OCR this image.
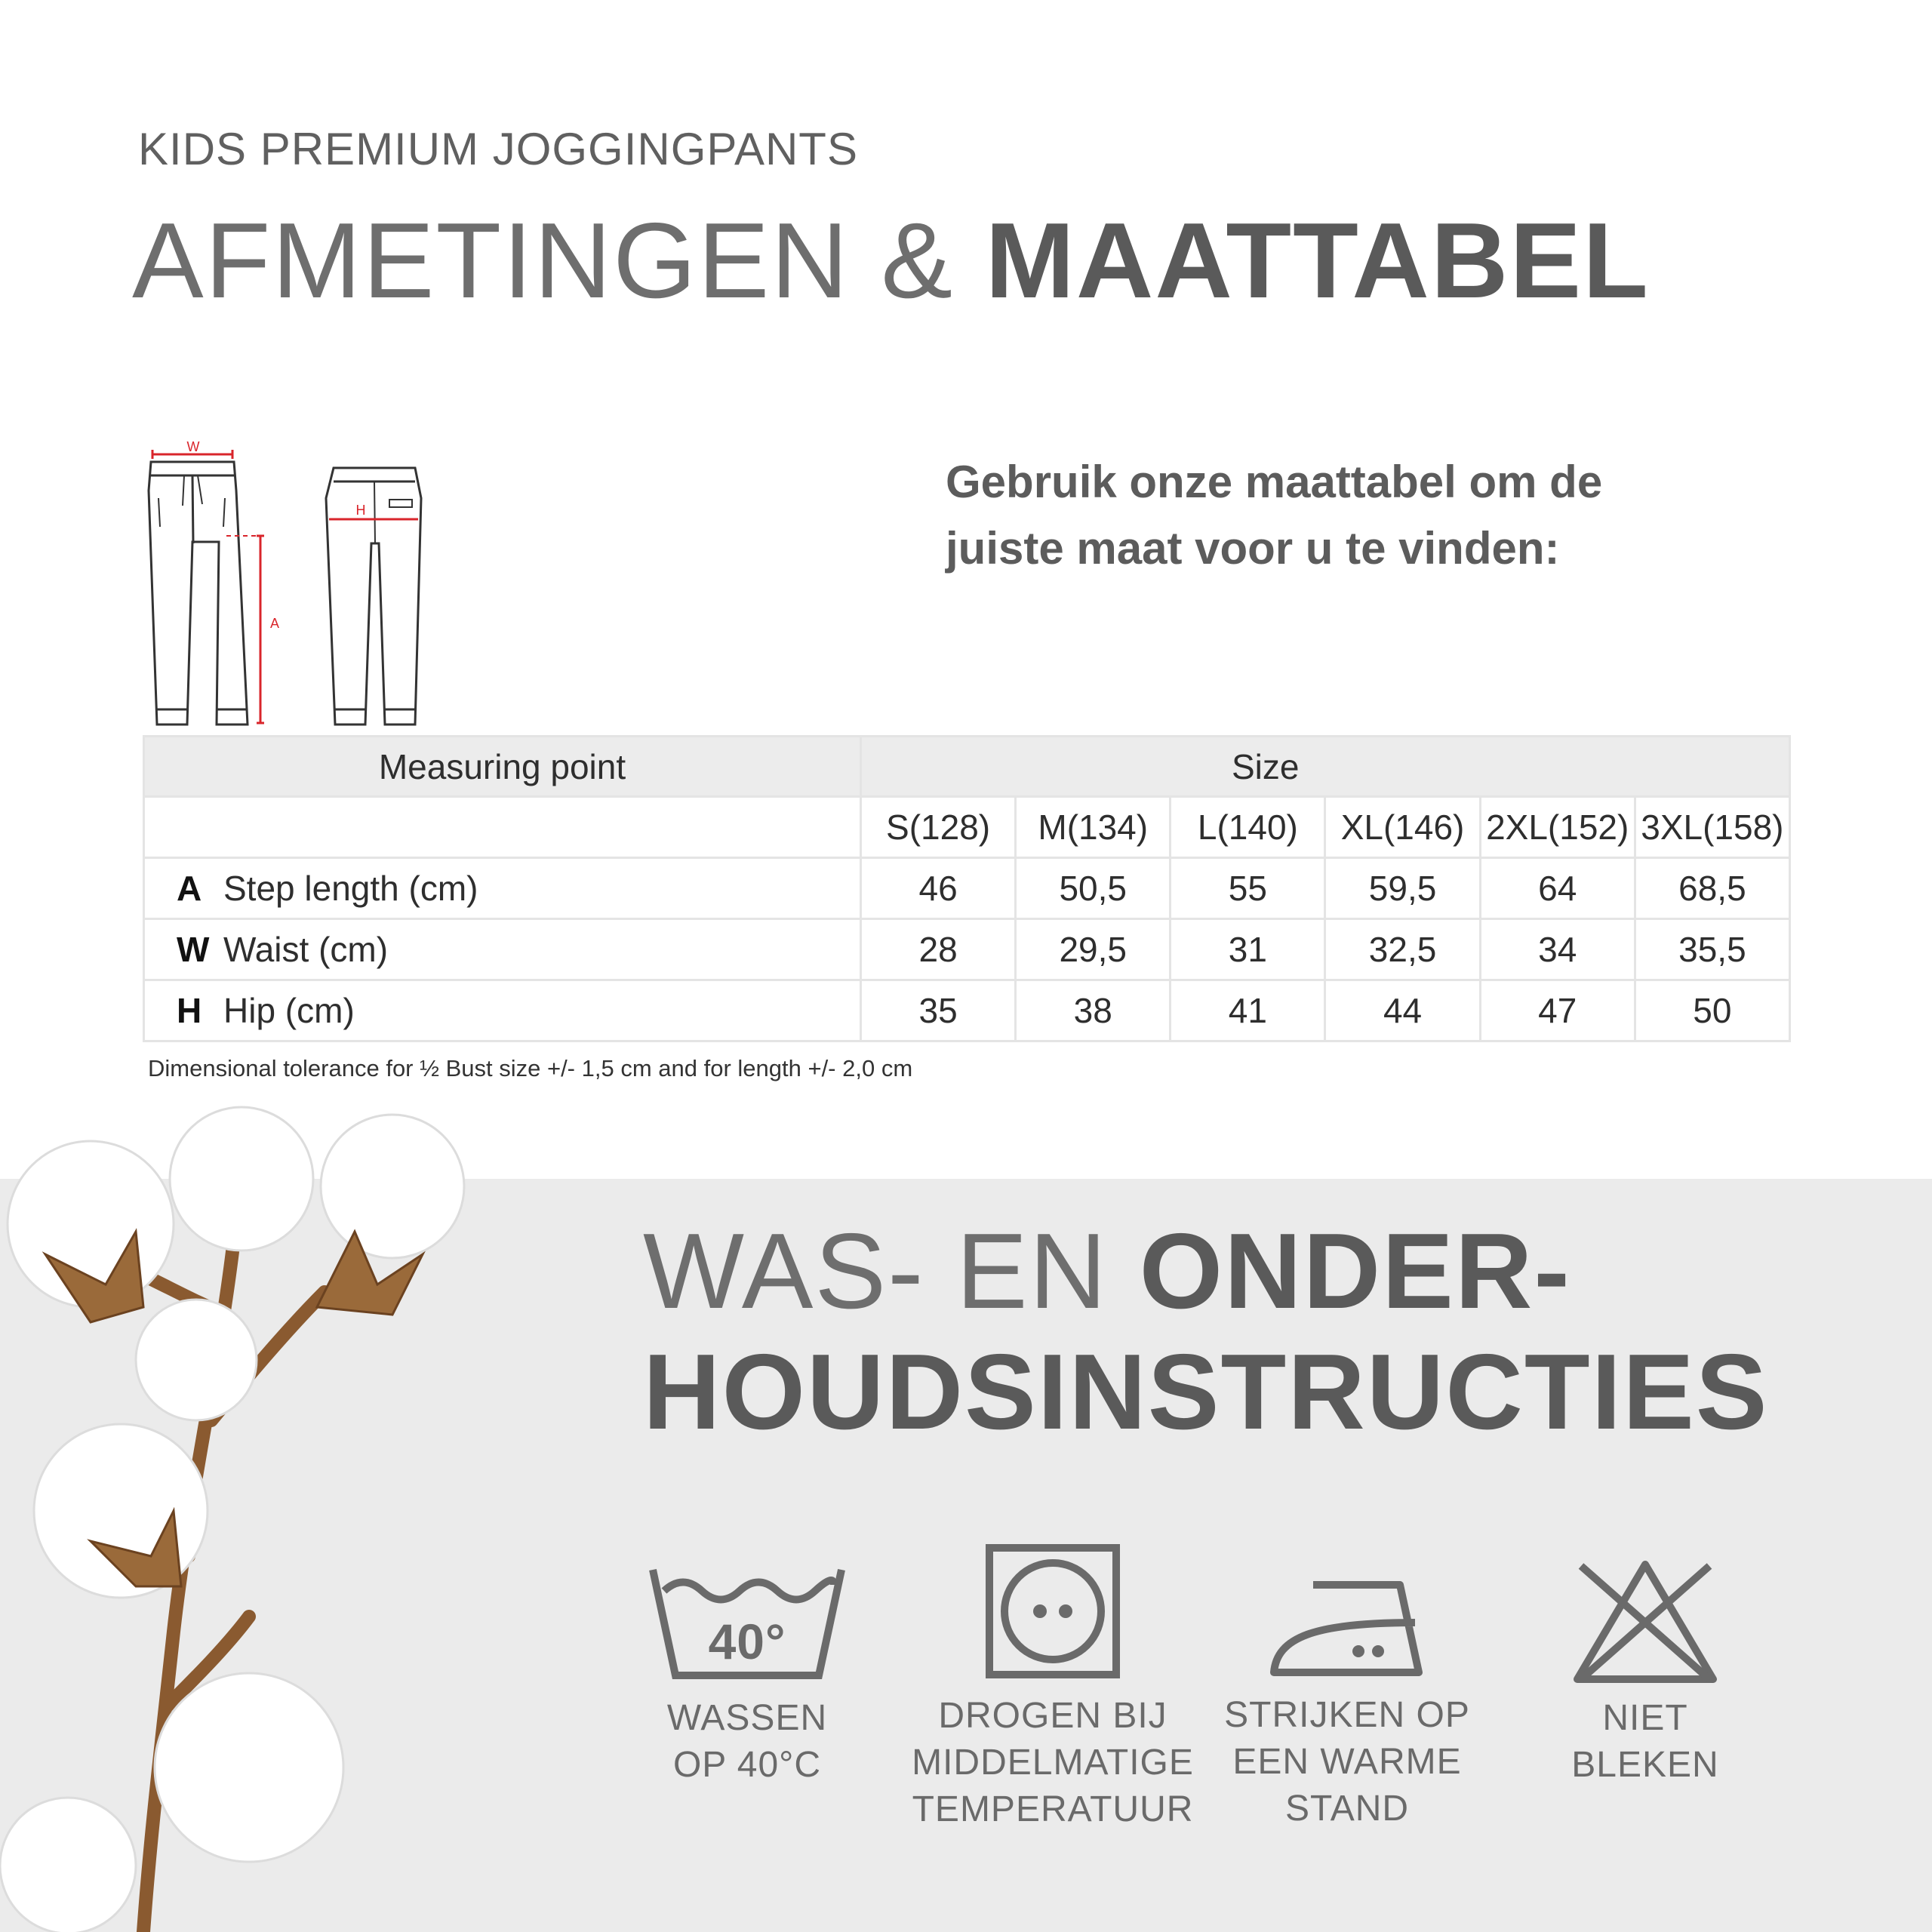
KIDS PREMIUM JOGGINGPANTS
AFMETINGEN & MAATTABEL
Gebruik onze maattabel om de
juiste maat voor u te vinden:
W
H
A
Measuring point	Size					
	S(128)	M(134)	L(140)	XL(146)	2XL(152)	3XL(158)
A Step length (cm)	46	50,5	55	59,5	64	68,5
W Waist (cm)	28	29,5	31	32,5	34	35,5
H Hip (cm)	35	38	41	44	47	50
Dimensional tolerance for ½ Bust size +/- 1,5 cm and for length +/- 2,0 cm
WAS- EN ONDER-
HOUDSINSTRUCTIES
40°
WASSEN
OP 40°C
DROGEN BIJ
MIDDELMATIGE
TEMPERATUUR
STRIJKEN OP
EEN WARME
STAND
NIET
BLEKEN
